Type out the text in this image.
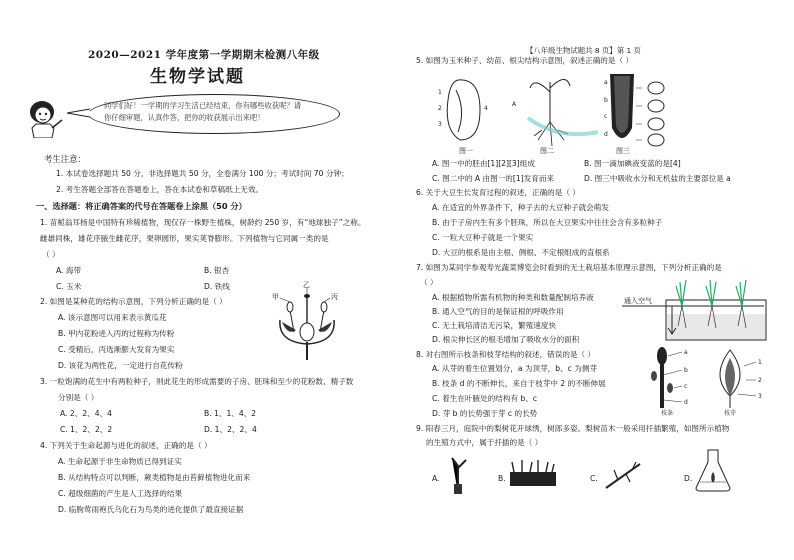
2020—2021 学年度第一学期期末检测八年级
生物学试题
同学们好！一学期的学习生活已经结束，你有哪些收获呢？请
你仔细审题，认真作答，把你的收获展示出来吧！
考生注意：
1. 本试卷选择题共 50 分，非选择题共 50 分，全卷满分 100 分；考试时间 70 分钟；
2. 考生答题全部答在答题卷上，答在本试卷和草稿纸上无效。
一、选择题：将正确答案的代号在答题卷上涂黑（50 分）
1. 苗栀翁耳杨是中国特有珍稀植物，现仅存一株野生植株，树龄约 250 岁，有“地球独子”之称。
雌雄同株，雄花序腋生雌花序，果卵圆形，果实荚脊膨形。下列植物与它同属一类的是
（ ）
A. 海带	B. 银杏
C. 玉米	D. 铁线
2. 如图是某种花的结构示意图，下列分析正确的是（ ）
A. 该示意图可以用来表示黄瓜花
B. 甲内花粉进入丙的过程称为传粉
C. 受精后，丙选渐膨大发育为果实
D. 该花为两性花，一定进行自花传粉
甲
乙
丙
3. 一粒饱满的花生中有两粒种子，则此花生的形成需要的子房、胚珠和至少的花粉数、精子数
分别是（ ）
A. 2、2、4、4	B. 1、1、4、2
C. 1、2、2、2	D. 1、2、2、4
4. 下列关于生命起源与进化的叙述，正确的是（ ）
A. 生命起源于非生命物质已得到证实
B. 从结构特点可以判断，蕨类植物是由苔藓植物进化而来
C. 超级细菌的产生是人工选择的结果
D. 临朐莺雨袍氏乌化石为鸟类的进化提供了最直接证据
【八年级生物试题共 8 页】第 1 页
5. 如图为玉米种子、幼苗、根尖结构示意图，叙述正确的是（ ）
1
2
3
4
A
a
b
c
d
图一	图二	图三
A. 图一中的胚由[1][2][3]组成	B. 图一滴加碘液变蓝的是[4]
C. 图二中的 A 由图一的[1]发育而来	D. 图三中吸收水分和无机盐的主要部位是 a
6. 关于大豆生长发育过程的叙述，正确的是（ ）
A. 在适宜的外界条件下，种子去的大豆种子就会萌发
B. 由于子房内生有多个胚珠，所以在大豆果实中往往会含有多粒种子
C. 一粒大豆种子就是一个果实
D. 大豆的根系是由主根、侧根、不定根组成的直根系
7. 如图为某同学参观寿光蔬菜博览会时看到的无土栽培基本原理示意图，下列分析正确的是
（ ）
A. 根据植物所需有机物的种类和数量配制培养液
B. 通入空气的目的是保证根的呼吸作用
C. 无土栽培清洁无污染，繁殖速度快
D. 根尖伸长区的根毛增加了吸收水分的面积
通入空气
8. 对右图所示枝条和枝芽结构的叙述，错误的是（ ）
A. 从芽的着生位置划分，a 为顶芽，b、c 为侧芽
B. 枝条 d 的不断伸长，来自于枝芽中 2 的不断伸展
C. 着生在叶腋处的结构有 b、c
D. 芽 b 的长势强于芽 c 的长势
a
b
c
d
1
2
3
枝条	枝芽
9. 阳春三月，庭院中的梨树花开球绣，树郎多姿。梨树苗木一般采用扦插繁殖，如图所示植物
的生殖方式中，属于扦插的是（ ）
A.	B.	C.	D.
